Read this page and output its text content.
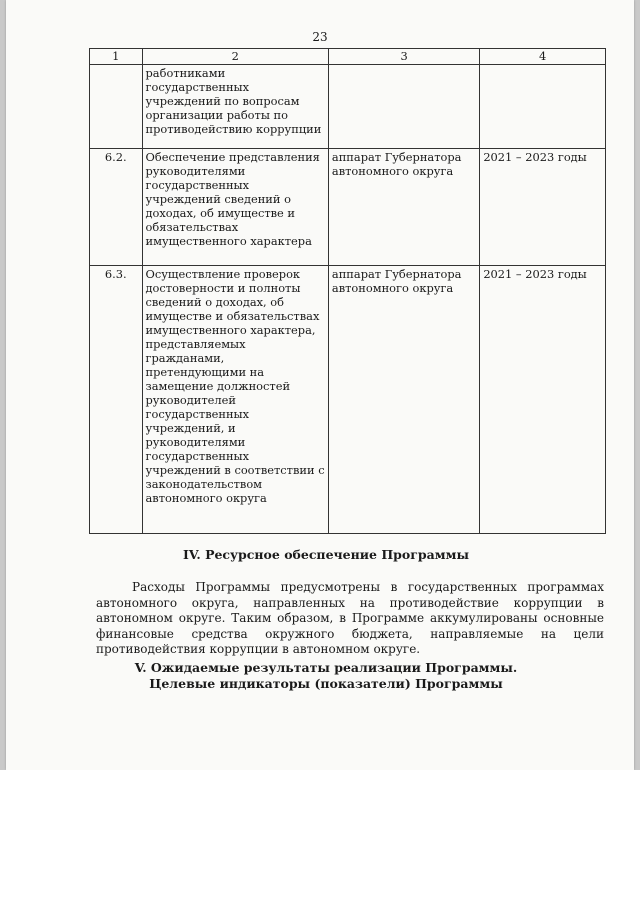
23
1	2	3	4
	работниками государственных учреждений по вопросам организации работы по противодействию коррупции		
6.2.	Обеспечение представления руководителями государственных учреждений сведений о доходах, об имуществе и обязательствах имущественного характера	аппарат Губернатора автономного округа	2021 – 2023 годы
6.3.	Осуществление проверок достоверности и полноты сведений о доходах, об имуществе и обязательствах имущественного характера, представляемых гражданами, претендующими на замещение должностей руководителей государственных учреждений, и руководителями государственных учреждений в соответствии с законодательством автономного округа	аппарат Губернатора автономного округа	2021 – 2023 годы
IV. Ресурсное обеспечение Программы
Расходы Программы предусмотрены в государственных программах автономного округа, направленных на противодействие коррупции в автономном округе. Таким образом, в Программе аккумулированы основные финансовые средства окружного бюджета, направляемые на цели противодействия коррупции в автономном округе.
V. Ожидаемые результаты реализации Программы.
Целевые индикаторы (показатели) Программы
